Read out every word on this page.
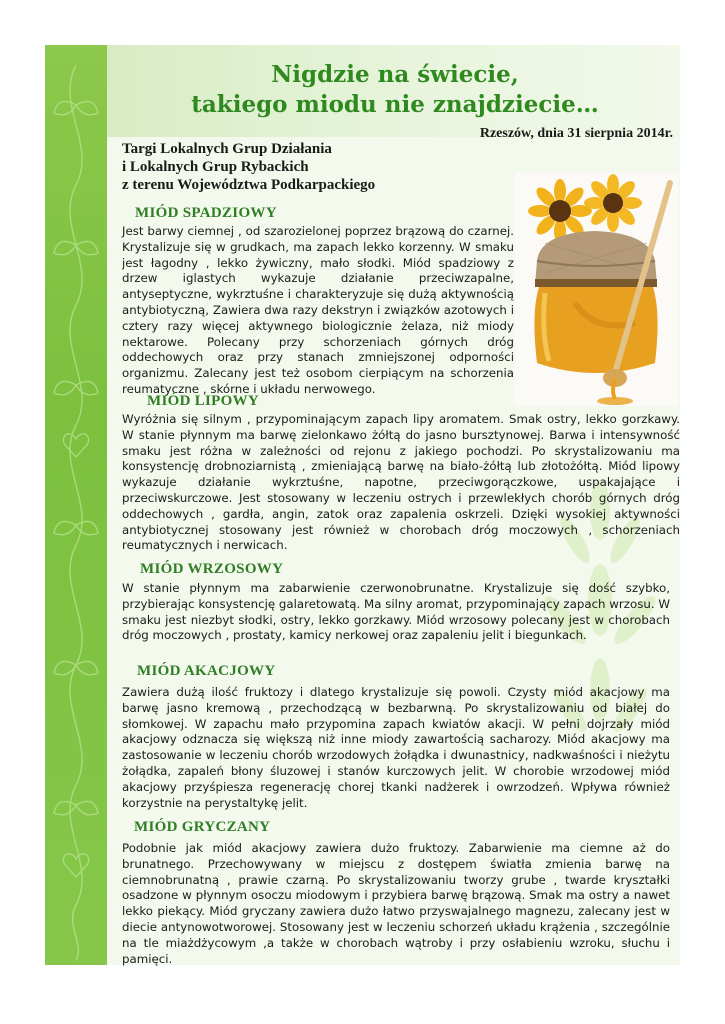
Nigdzie na świecie,
takiego miodu nie znajdziecie…
Rzeszów, dnia 31 sierpnia 2014r.
Targi Lokalnych Grup Działania
i Lokalnych Grup Rybackich
z terenu Województwa Podkarpackiego
MIÓD SPADZIOWY
Jest barwy ciemnej , od szarozielonej poprzez brązową do czarnej. Krystalizuje się w grudkach, ma zapach lekko korzenny. W smaku jest łagodny , lekko żywiczny, mało słodki. Miód spadziowy z drzew iglastych wykazuje działanie przeciwzapalne, antyseptyczne, wykrztuśne i charakteryzuje się dużą aktywnością antybiotyczną, Zawiera dwa razy dekstryn i związków azotowych i cztery razy więcej aktywnego biologicznie żelaza, niż miody nektarowe. Polecany przy schorzeniach górnych dróg oddechowych oraz przy stanach zmniejszonej odporności organizmu. Zalecany jest też osobom cierpiącym na schorzenia reumatyczne , skórne i układu nerwowego.
MIÓD LIPOWY
Wyróżnia się silnym , przypominającym zapach lipy aromatem. Smak ostry, lekko gorzkawy. W stanie płynnym ma barwę zielonkawo żółtą do jasno bursztynowej. Barwa i intensywność smaku jest różna w zależności od rejonu z jakiego pochodzi. Po skrystalizowaniu ma konsystencję drobnoziarnistą , zmieniającą barwę na biało-żółtą lub złotożółtą. Miód lipowy wykazuje działanie wykrztuśne, napotne, przeciwgorączkowe, uspakajające i przeciwskurczowe. Jest stosowany w leczeniu ostrych i przewlekłych chorób górnych dróg oddechowych , gardła, angin, zatok oraz zapalenia oskrzeli. Dzięki wysokiej aktywności antybiotycznej stosowany jest również w chorobach dróg moczowych , schorzeniach reumatycznych i nerwicach.
MIÓD WRZOSOWY
W stanie płynnym ma zabarwienie czerwonobrunatne. Krystalizuje się dość szybko, przybierając konsystencję galaretowatą. Ma silny aromat, przypominający zapach wrzosu. W smaku jest niezbyt słodki, ostry, lekko gorzkawy. Miód wrzosowy polecany jest w chorobach dróg moczowych , prostaty, kamicy nerkowej oraz zapaleniu jelit i biegunkach.
MIÓD AKACJOWY
Zawiera dużą ilość fruktozy i dlatego krystalizuje się powoli. Czysty miód akacjowy ma barwę jasno kremową , przechodzącą w bezbarwną. Po skrystalizowaniu od białej do słomkowej. W zapachu mało przypomina zapach kwiatów akacji. W pełni dojrzały miód akacjowy odznacza się większą niż inne miody zawartością sacharozy. Miód akacjowy ma zastosowanie w leczeniu chorób wrzodowych żołądka i dwunastnicy, nadkwaśności i nieżytu żołądka, zapaleń błony śluzowej i stanów kurczowych jelit. W chorobie wrzodowej miód akacjowy przyśpiesza regenerację chorej tkanki nadżerek i owrzodzeń. Wpływa również korzystnie na perystaltykę jelit.
MIÓD GRYCZANY
Podobnie jak miód akacjowy zawiera dużo fruktozy. Zabarwienie ma ciemne aż do brunatnego. Przechowywany w miejscu z dostępem światła zmienia barwę na ciemnobrunatną , prawie czarną. Po skrystalizowaniu tworzy grube , twarde kryształki osadzone w płynnym osoczu miodowym i przybiera barwę brązową. Smak ma ostry a nawet lekko piekący. Miód gryczany zawiera dużo łatwo przyswajalnego magnezu, zalecany jest w diecie antynowotworowej. Stosowany jest w leczeniu schorzeń układu krążenia , szczególnie na tle miażdżycowym ,a także w chorobach wątroby i przy osłabieniu wzroku, słuchu i pamięci.
